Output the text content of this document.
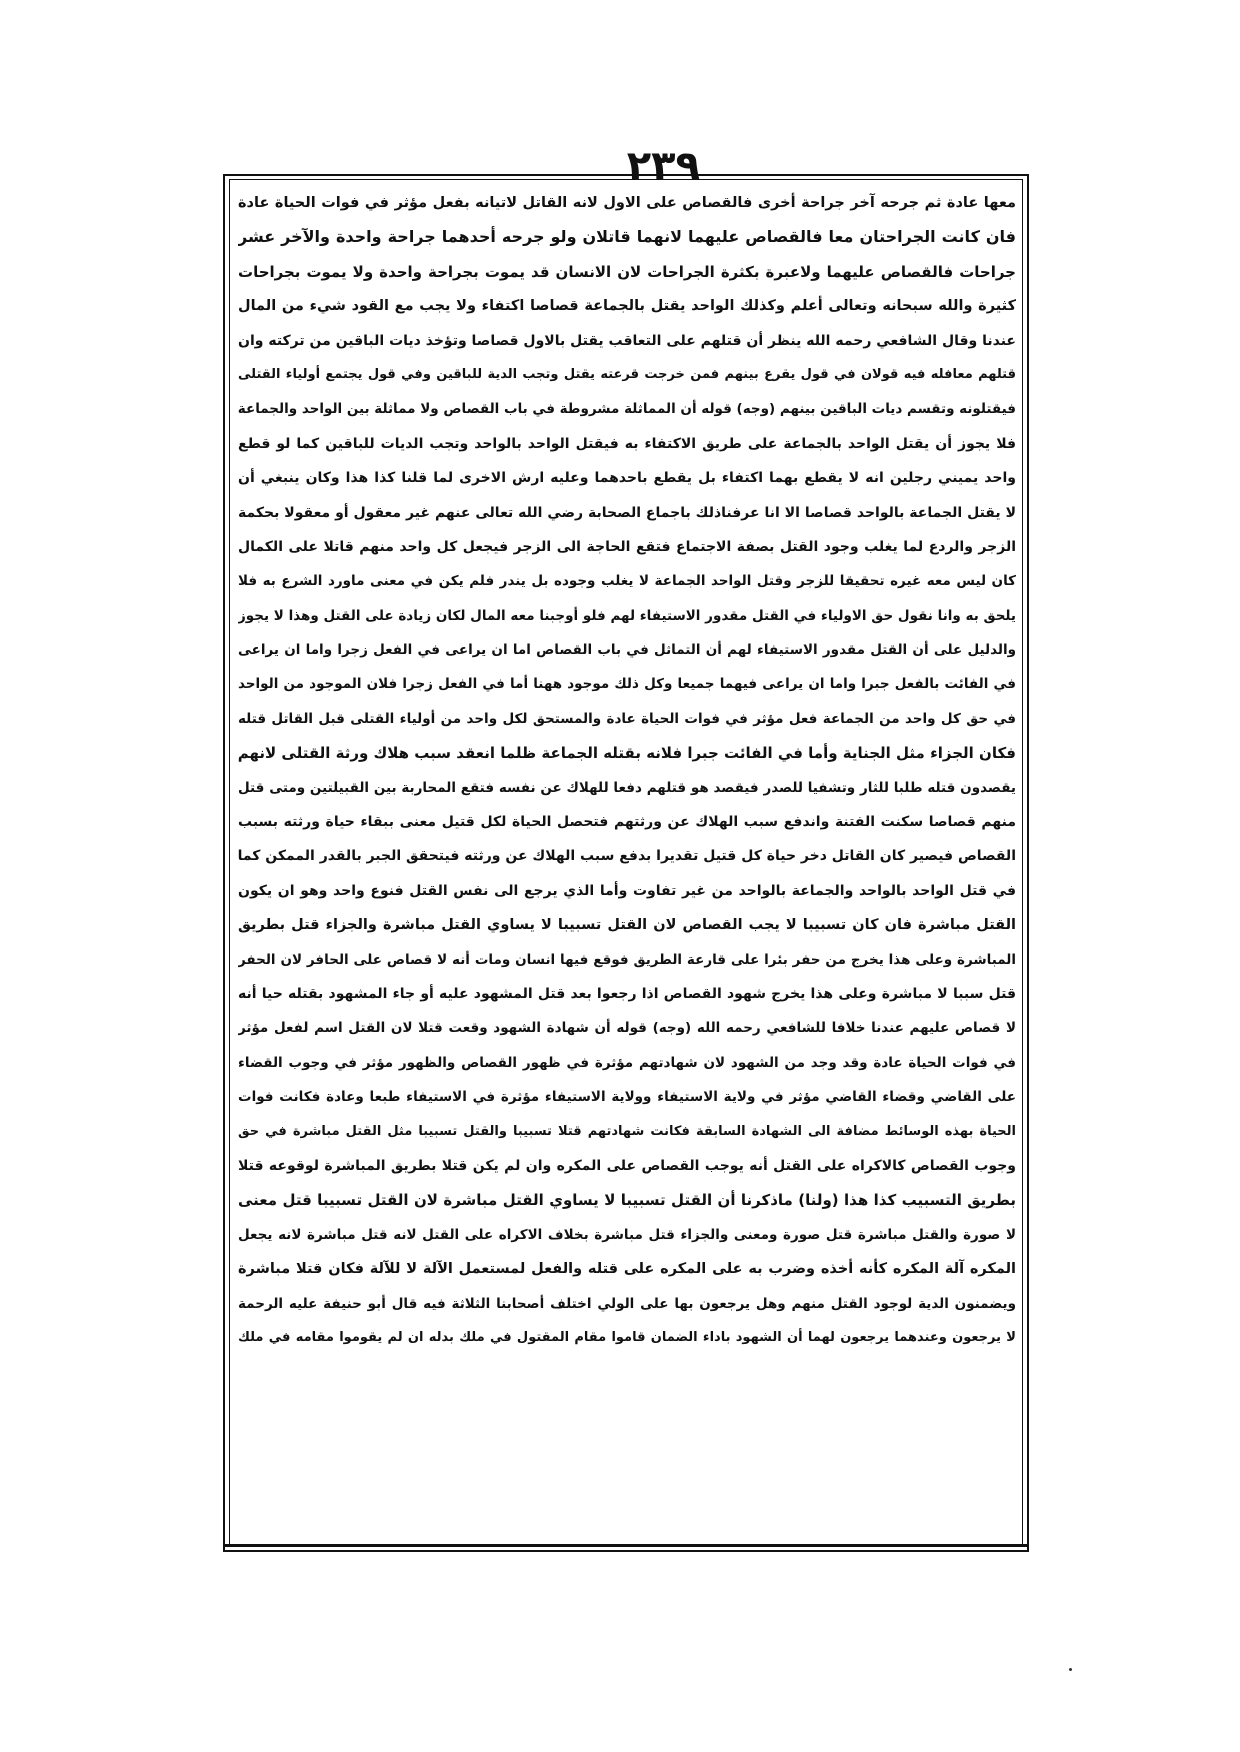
٢٣٩
معها عادة ثم جرحه آخر جراحة أخرى فالقصاص على الاول لانه القاتل لاتيانه بفعل مؤثر في فوات الحياة عادة
فان كانت الجراحتان معا فالقصاص عليهما لانهما قاتلان ولو جرحه أحدهما جراحة واحدة والآخر عشر
جراحات فالقصاص عليهما ولاعبرة بكثرة الجراحات لان الانسان قد يموت بجراحة واحدة ولا يموت بجراحات
كثيرة والله سبحانه وتعالى أعلم وكذلك الواحد يقتل بالجماعة قصاصا اكتفاء ولا يجب مع القود شيء من المال
عندنا وقال الشافعي رحمه الله ينظر أن قتلهم على التعاقب يقتل بالاول قصاصا وتؤخذ ديات الباقين من تركته وان
قتلهم معافله فيه قولان في قول يقرع بينهم فمن خرجت قرعته يقتل وتجب الدية للباقين وفي قول يجتمع أولياء القتلى
فيقتلونه وتقسم ديات الباقين بينهم (وجه) قوله أن المماثلة مشروطة في باب القصاص ولا مماثلة بين الواحد والجماعة
فلا يجوز أن يقتل الواحد بالجماعة على طريق الاكتفاء به فيقتل الواحد بالواحد وتجب الديات للباقين كما لو قطع
واحد يميني رجلين انه لا يقطع بهما اكتفاء بل يقطع باحدهما وعليه ارش الاخرى لما قلنا كذا هذا وكان ينبغي أن
لا يقتل الجماعة بالواحد قصاصا الا انا عرفناذلك باجماع الصحابة رضي الله تعالى عنهم غير معقول أو معقولا بحكمة
الزجر والردع لما يغلب وجود القتل بصفة الاجتماع فتقع الحاجة الى الزجر فيجعل كل واحد منهم قاتلا على الكمال
كان ليس معه غيره تحقيقا للزجر وقتل الواحد الجماعة لا يغلب وجوده بل يندر فلم يكن في معنى ماورد الشرع به فلا
يلحق به وانا نقول حق الاولياء في القتل مقدور الاستيفاء لهم فلو أوجبنا معه المال لكان زيادة على القتل وهذا لا يجوز
والدليل على أن القتل مقدور الاستيفاء لهم أن التماثل في باب القصاص اما ان يراعى في الفعل زجرا واما ان يراعى
في الفائت بالفعل جبرا واما ان يراعى فيهما جميعا وكل ذلك موجود ههنا أما في الفعل زجرا فلان الموجود من الواحد
في حق كل واحد من الجماعة فعل مؤثر في فوات الحياة عادة والمستحق لكل واحد من أولياء القتلى قبل القاتل قتله
فكان الجزاء مثل الجناية وأما في الفائت جبرا فلانه بقتله الجماعة ظلما انعقد سبب هلاك ورثة القتلى لانهم
يقصدون قتله طلبا للثار وتشفيا للصدر فيقصد هو قتلهم دفعا للهلاك عن نفسه فتقع المحاربة بين القبيلتين ومتى قتل
منهم قصاصا سكنت الفتنة واندفع سبب الهلاك عن ورثتهم فتحصل الحياة لكل قتيل معنى ببقاء حياة ورثته بسبب
القصاص فيصير كان القاتل دخر حياة كل قتيل تقديرا بدفع سبب الهلاك عن ورثته فيتحقق الجبر بالقدر الممكن كما
في قتل الواحد بالواحد والجماعة بالواحد من غير تفاوت وأما الذي يرجع الى نفس القتل فنوع واحد وهو ان يكون
القتل مباشرة فان كان تسبيبا لا يجب القصاص لان القتل تسبيبا لا يساوي القتل مباشرة والجزاء قتل بطريق
المباشرة وعلى هذا يخرج من حفر بئرا على قارعة الطريق فوقع فيها انسان ومات أنه لا قصاص على الحافر لان الحفر
قتل سببا لا مباشرة وعلى هذا يخرج شهود القصاص اذا رجعوا بعد قتل المشهود عليه أو جاء المشهود بقتله حيا أنه
لا قصاص عليهم عندنا خلافا للشافعي رحمه الله (وجه) قوله أن شهادة الشهود وقعت قتلا لان القتل اسم لفعل مؤثر
في فوات الحياة عادة وقد وجد من الشهود لان شهادتهم مؤثرة في ظهور القصاص والظهور مؤثر في وجوب القضاء
على القاضي وقضاء القاضي مؤثر في ولاية الاستيفاء وولاية الاستيفاء مؤثرة في الاستيفاء طبعا وعادة فكانت فوات
الحياة بهذه الوسائط مضافة الى الشهادة السابقة فكانت شهادتهم قتلا تسبيبا والقتل تسبيبا مثل القتل مباشرة في حق
وجوب القصاص كالاكراه على القتل أنه يوجب القصاص على المكره وان لم يكن قتلا بطريق المباشرة لوقوعه قتلا
بطريق التسبيب كذا هذا (ولنا) ماذكرنا أن القتل تسبيبا لا يساوي القتل مباشرة لان القتل تسبيبا قتل معنى
لا صورة والقتل مباشرة قتل صورة ومعنى والجزاء قتل مباشرة بخلاف الاكراه على القتل لانه قتل مباشرة لانه يجعل
المكره آلة المكره كأنه أخذه وضرب به على المكره على قتله والفعل لمستعمل الآلة لا للآلة فكان قتلا مباشرة
ويضمنون الدية لوجود القتل منهم وهل يرجعون بها على الولي اختلف أصحابنا الثلاثة فيه قال أبو حنيفة عليه الرحمة
لا يرجعون وعندهما يرجعون لهما أن الشهود باداء الضمان قاموا مقام المقتول في ملك بدله ان لم يقوموا مقامه في ملك
